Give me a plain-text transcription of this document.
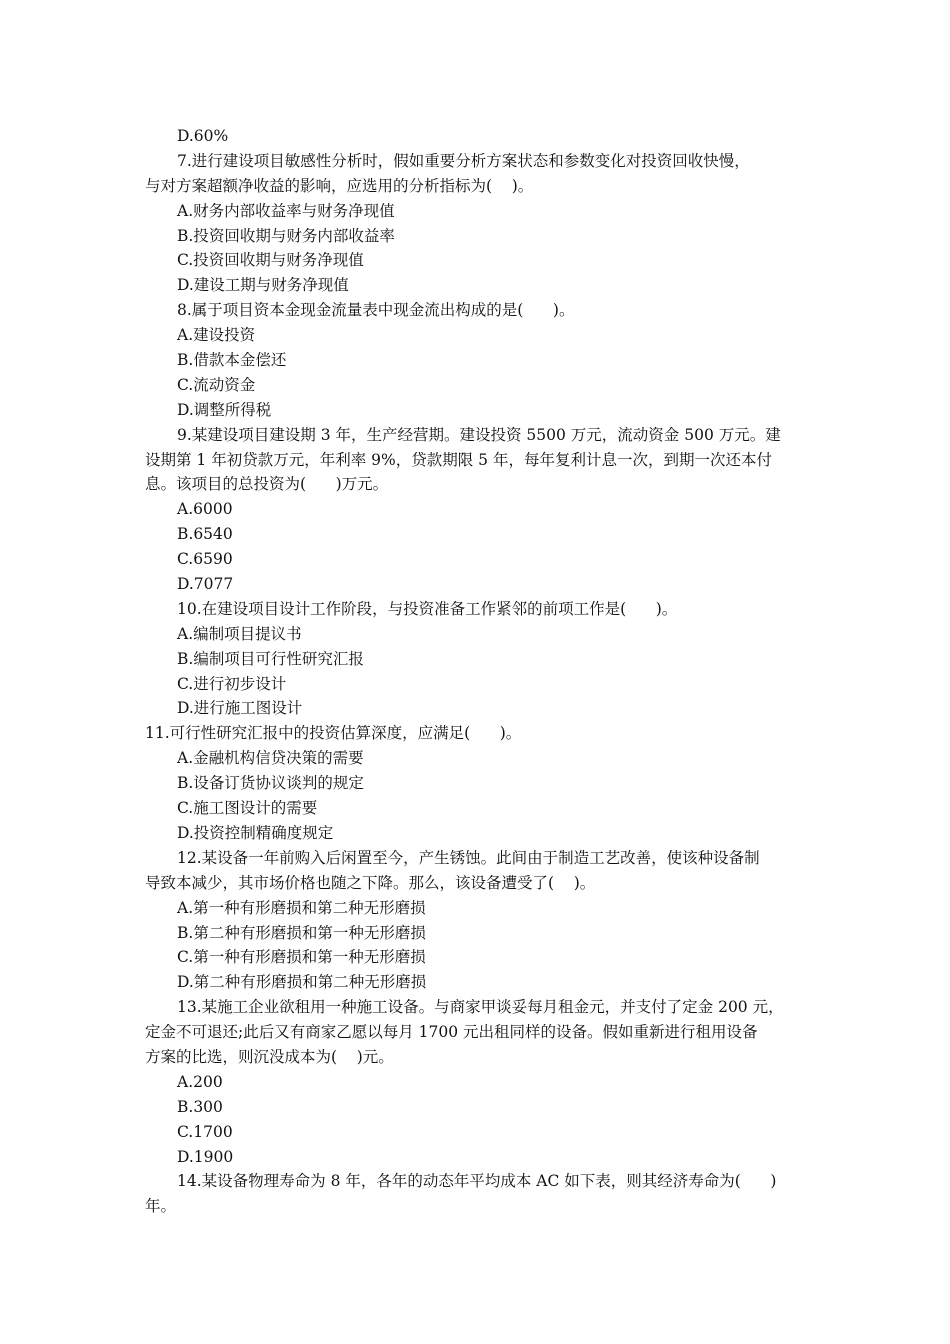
D.60%
7.进行建设项目敏感性分析时，假如重要分析方案状态和参数变化对投资回收快慢，
与对方案超额净收益的影响，应选用的分析指标为(    )。
A.财务内部收益率与财务净现值
B.投资回收期与财务内部收益率
C.投资回收期与财务净现值
D.建设工期与财务净现值
8.属于项目资本金现金流量表中现金流出构成的是(      )。
A.建设投资
B.借款本金偿还
C.流动资金
D.调整所得税
9.某建设项目建设期 3 年，生产经营期。建设投资 5500 万元，流动资金 500 万元。建
设期第 1 年初贷款万元，年利率 9%，贷款期限 5 年，每年复利计息一次，到期一次还本付
息。该项目的总投资为(      )万元。
A.6000
B.6540
C.6590
D.7077
10.在建设项目设计工作阶段，与投资准备工作紧邻的前项工作是(      )。
A.编制项目提议书
B.编制项目可行性研究汇报
C.进行初步设计
D.进行施工图设计
11.可行性研究汇报中的投资估算深度，应满足(      )。
A.金融机构信贷决策的需要
B.设备订货协议谈判的规定
C.施工图设计的需要
D.投资控制精确度规定
12.某设备一年前购入后闲置至今，产生锈蚀。此间由于制造工艺改善，使该种设备制
导致本减少，其市场价格也随之下降。那么，该设备遭受了(    )。
A.第一种有形磨损和第二种无形磨损
B.第二种有形磨损和第一种无形磨损
C.第一种有形磨损和第一种无形磨损
D.第二种有形磨损和第二种无形磨损
13.某施工企业欲租用一种施工设备。与商家甲谈妥每月租金元，并支付了定金 200 元，
定金不可退还;此后又有商家乙愿以每月 1700 元出租同样的设备。假如重新进行租用设备
方案的比选，则沉没成本为(    )元。
A.200
B.300
C.1700
D.1900
14.某设备物理寿命为 8 年，各年的动态年平均成本 AC 如下表，则其经济寿命为(      )
年。
